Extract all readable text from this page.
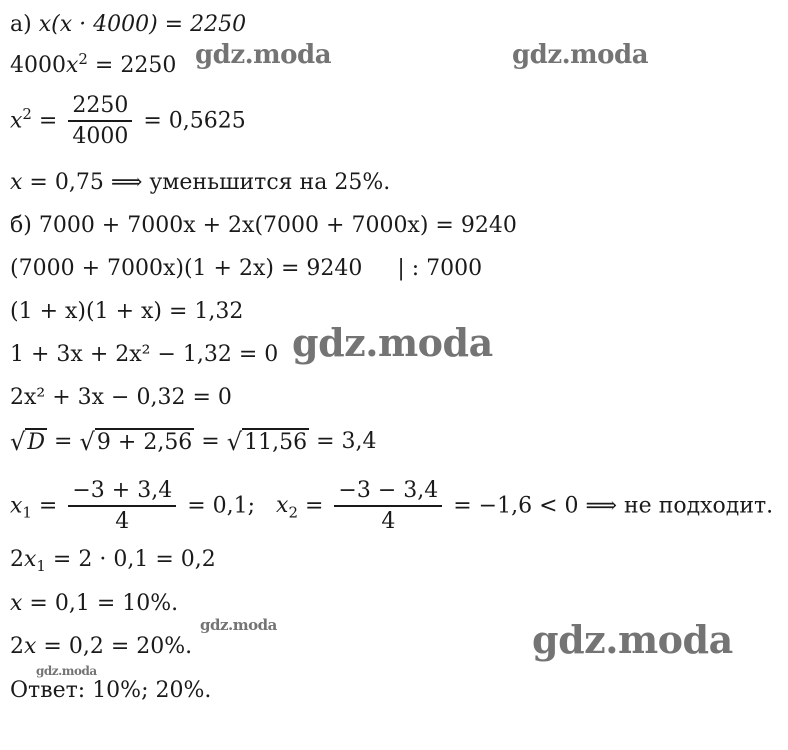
а) x(x · 4000) = 2250
$4000x^2 = 2250$
$x^2 = \frac{2250}{4000} = 0,5625$
x = 0,75 ⟹ уменьшится на 25%.
б) 7000 + 7000x + 2x(7000 + 7000x) = 9240
(7000 + 7000x)(1 + 2x) = 9240 | : 7000
(1 + x)(1 + x) = 1,32
1 + 3x + 2x² − 1,32 = 0
2x² + 3x − 0,32 = 0
√ D = √ 9 + 2,56 = √ 11,56 = 3,4
$x_1 = \frac{-3 + 3,4}{4} = 0,1$; $x_2 = \frac{-3 - 3,4}{4} = -1,6 < 0$ ⟹ не подходит.
$2x_1 = 2 \cdot 0,1 = 0,2$
x = 0,1 = 10%.
2x = 0,2 = 20%.
Ответ: 10%; 20%.
gdz.moda	gdz.moda
gdz.moda
gdz.moda	gdz.moda
gdz.moda
